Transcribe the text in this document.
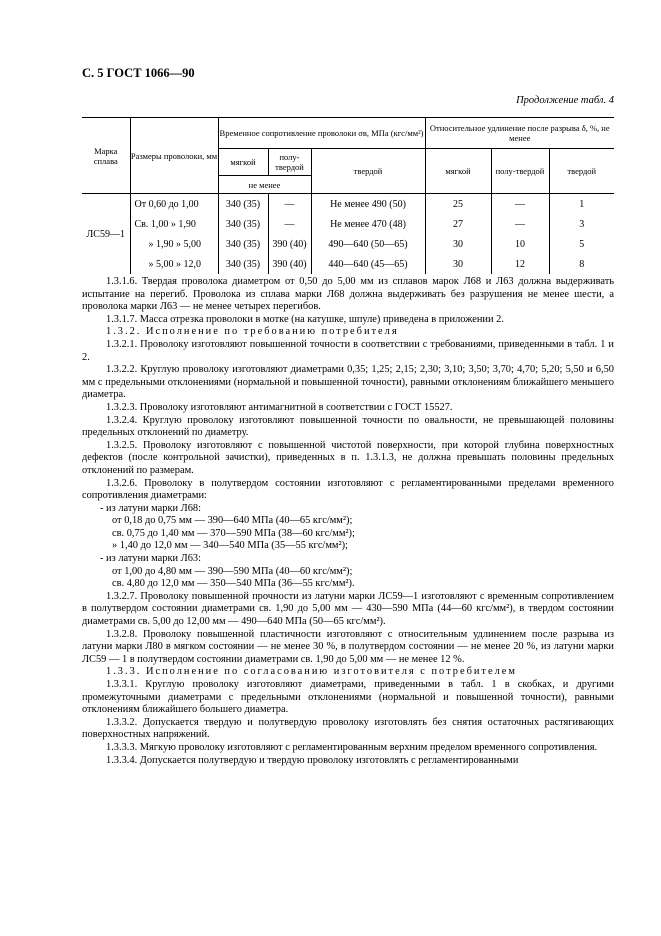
С. 5 ГОСТ 1066—90
Продолжение табл. 4
Марка сплава	Размеры проволоки, мм	Временное сопротивление проволоки σв, МПа (кгс/мм²)			Относительное удлинение после разрыва δ, %, не менее		
		мягкой	полу-твердой	твердой	мягкой	полу-твердой	твердой
		не менее					
ЛС59—1	От 0,60 до 1,00	340 (35)	—	Не менее 490 (50)	25	—	1
	Св. 1,00 » 1,90	340 (35)	—	Не менее 470 (48)	27	—	3
	» 1,90 » 5,00	340 (35)	390 (40)	490—640 (50—65)	30	10	5
	» 5,00 » 12,0	340 (35)	390 (40)	440—640 (45—65)	30	12	8

1.3.1.6. Твердая проволока диаметром от 0,50 до 5,00 мм из сплавов марок Л68 и Л63 должна выдерживать испытание на перегиб. Проволока из сплава марки Л68 должна выдерживать без разрушения не менее шести, а проволока марки Л63 — не менее четырех перегибов.

1.3.1.7. Масса отрезка проволоки в мотке (на катушке, шпуле) приведена в приложении 2.

1.3.2. Исполнение по требованию потребителя

1.3.2.1. Проволоку изготовляют повышенной точности в соответствии с требованиями, приведенными в табл. 1 и 2.

1.3.2.2. Круглую проволоку изготовляют диаметрами 0,35; 1,25; 2,15; 2,30; 3,10; 3,50; 3,70; 4,70; 5,20; 5,50 и 6,50 мм с предельными отклонениями (нормальной и повышенной точности), равными отклонениям ближайшего меньшего диаметра.

1.3.2.3. Проволоку изготовляют антимагнитной в соответствии с ГОСТ 15527.

1.3.2.4. Круглую проволоку изготовляют повышенной точности по овальности, не превышающей половины предельных отклонений по диаметру.

1.3.2.5. Проволоку изготовляют с повышенной чистотой поверхности, при которой глубина поверхностных дефектов (после контрольной зачистки), приведенных в п. 1.3.1.3, не должна превышать половины предельных отклонений по размерам.

1.3.2.6. Проволоку в полутвердом состоянии изготовляют с регламентированными пределами временного сопротивления диаметрами:

- из латуни марки Л68:

от 0,18 до 0,75 мм — 390—640 МПа (40—65 кгс/мм²);

св. 0,75 до 1,40 мм — 370—590 МПа (38—60 кгс/мм²);

» 1,40 до 12,0 мм — 340—540 МПа (35—55 кгс/мм²);

- из латуни марки Л63:

от 1,00 до 4,80 мм — 390—590 МПа (40—60 кгс/мм²);

св. 4,80 до 12,0 мм — 350—540 МПа (36—55 кгс/мм²).

1.3.2.7. Проволоку повышенной прочности из латуни марки ЛС59—1 изготовляют с временным сопротивлением в полутвердом состоянии диаметрами св. 1,90 до 5,00 мм — 430—590 МПа (44—60 кгс/мм²), в твердом состоянии диаметрами св. 5,00 до 12,00 мм — 490—640 МПа (50—65 кгс/мм²).

1.3.2.8. Проволоку повышенной пластичности изготовляют с относительным удлинением после разрыва из латуни марки Л80 в мягком состоянии — не менее 30 %, в полутвердом состоянии — не менее 20 %, из латуни марки ЛС59 — 1 в полутвердом состоянии диаметрами св. 1,90 до 5,00 мм — не менее 12 %.

1.3.3. Исполнение по согласованию изготовителя с потребителем

1.3.3.1. Круглую проволоку изготовляют диаметрами, приведенными в табл. 1 в скобках, и другими промежуточными диаметрами с предельными отклонениями (нормальной и повышенной точности), равными отклонениям ближайшего большего диаметра.

1.3.3.2. Допускается твердую и полутвердую проволоку изготовлять без снятия остаточных растягивающих поверхностных напряжений.

1.3.3.3. Мягкую проволоку изготовляют с регламентированным верхним пределом временного сопротивления.

1.3.3.4. Допускается полутвердую и твердую проволоку изготовлять с регламентированными
